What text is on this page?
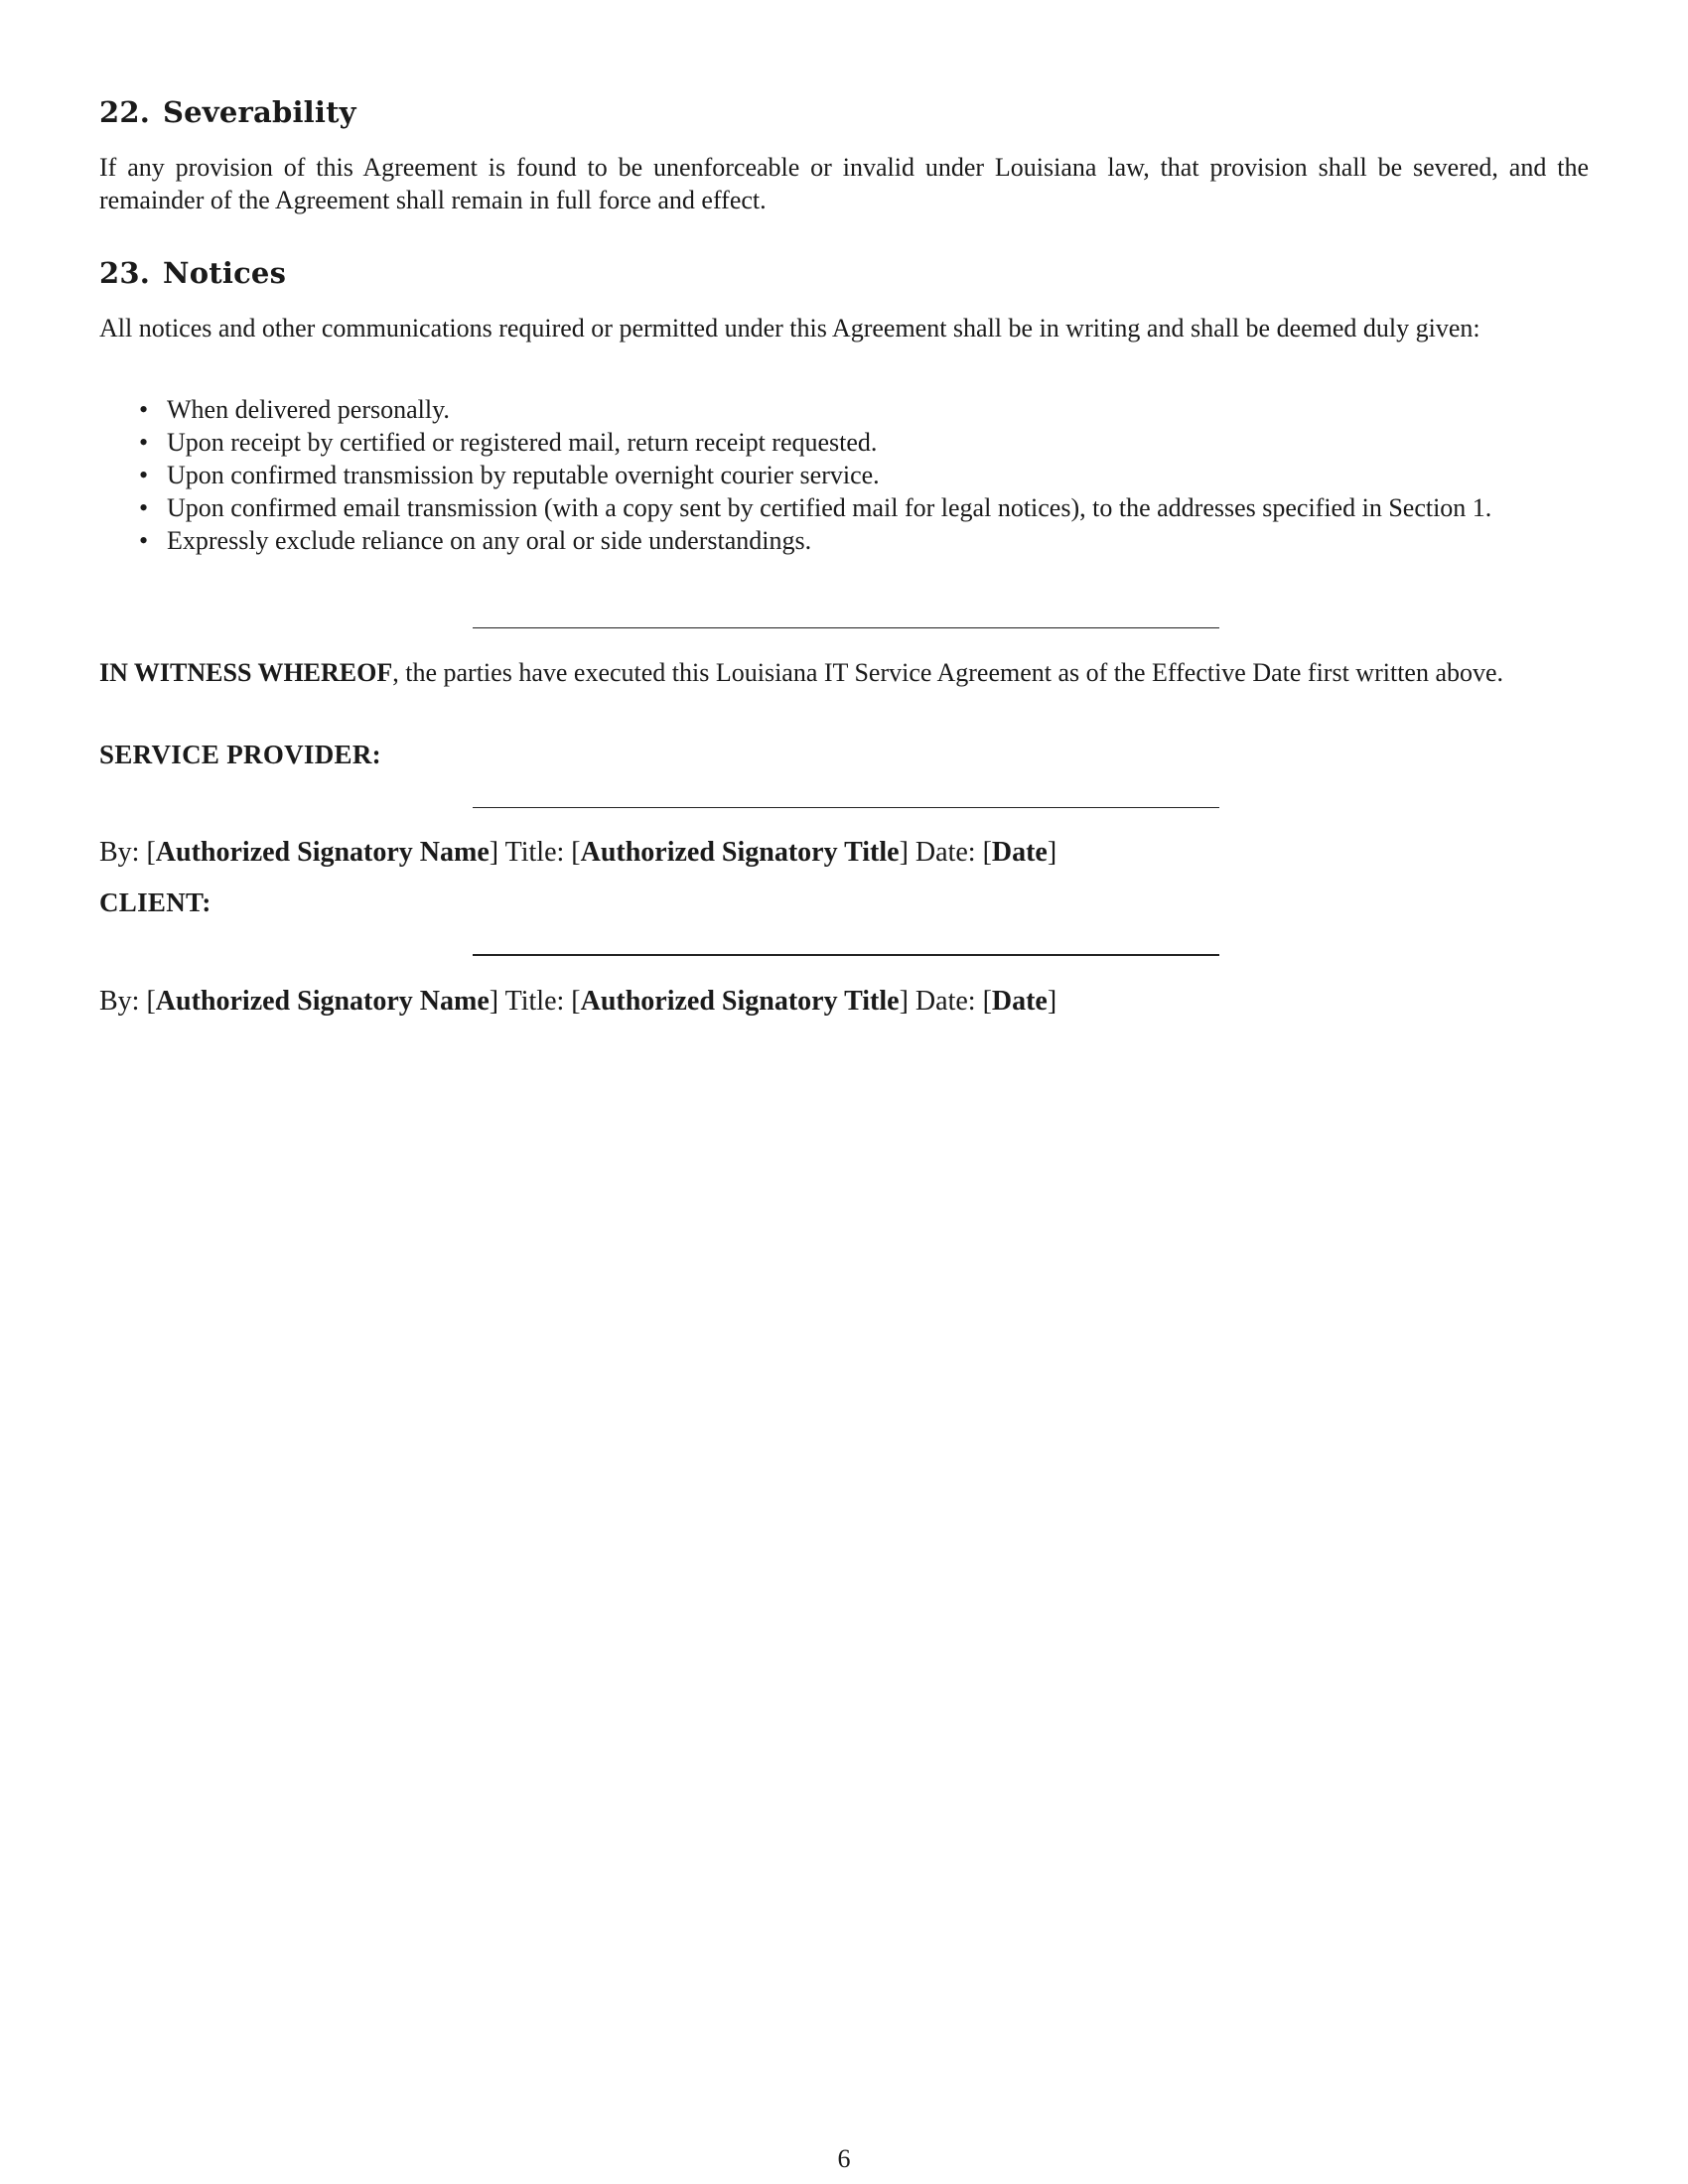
22. Severability

If any provision of this Agreement is found to be unenforceable or invalid under Louisiana law, that provision shall be severed, and the remainder of the Agreement shall remain in full force and effect.

23. Notices

All notices and other communications required or permitted under this Agreement shall be in writing and shall be deemed duly given:

• When delivered personally.
• Upon receipt by certified or registered mail, return receipt requested.
• Upon confirmed transmission by reputable overnight courier service.
• Upon confirmed email transmission (with a copy sent by certified mail for legal notices), to the addresses specified in Section 1.
• Expressly exclude reliance on any oral or side understandings.

IN WITNESS WHEREOF, the parties have executed this Louisiana IT Service Agreement as of the Effective Date first written above.

SERVICE PROVIDER:
By: [Authorized Signatory Name] Title: [Authorized Signatory Title] Date: [Date]
CLIENT:
By: [Authorized Signatory Name] Title: [Authorized Signatory Title] Date: [Date]
6
